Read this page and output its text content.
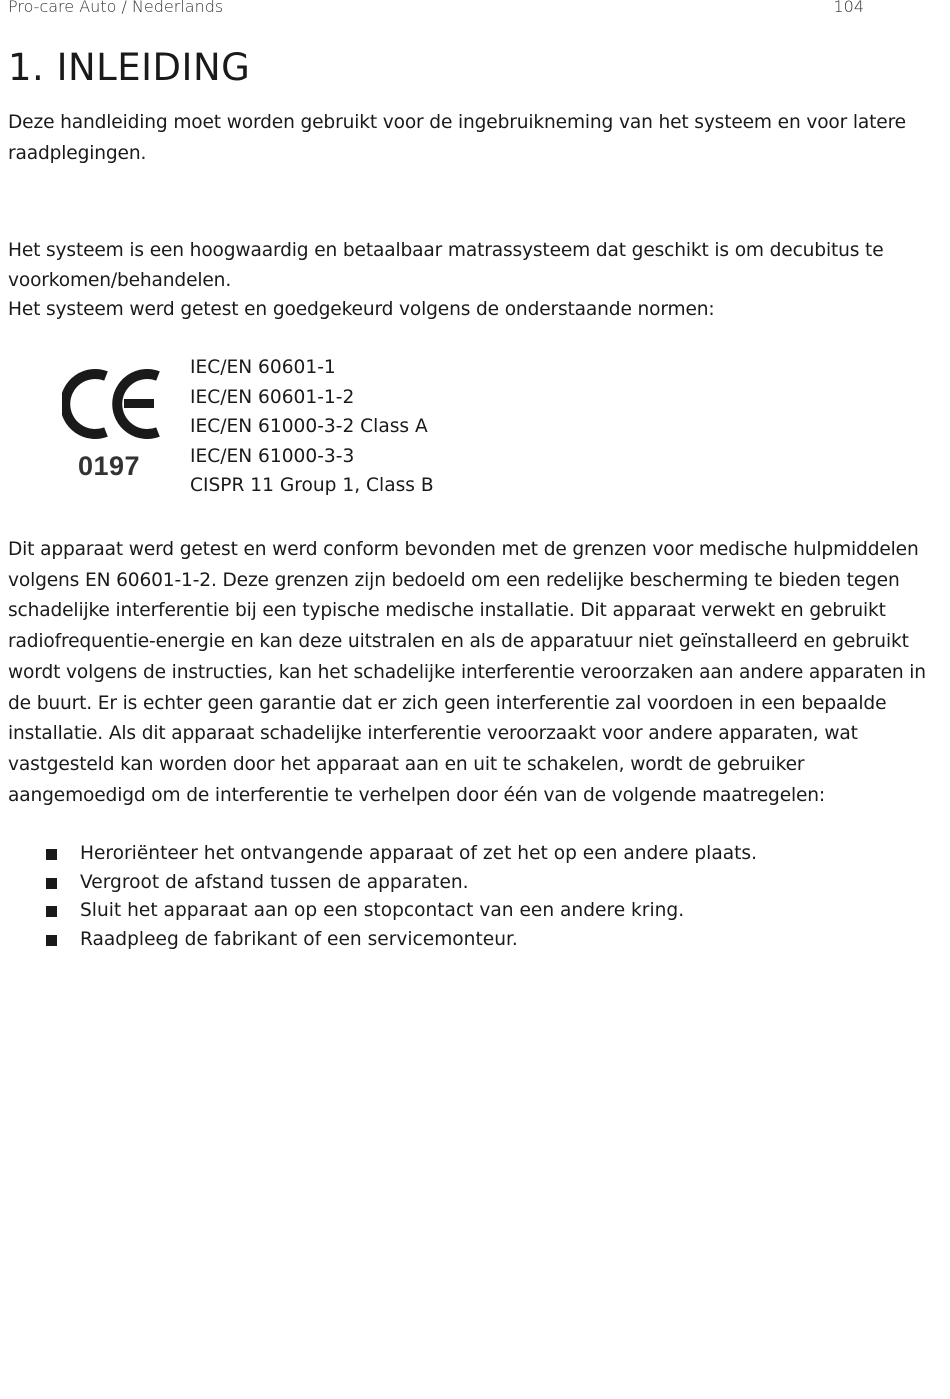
Pro-care Auto / Nederlands	104
1. INLEIDING

Deze handleiding moet worden gebruikt voor de ingebruikneming van het systeem en voor latere raadplegingen.

Het systeem is een hoogwaardig en betaalbaar matrassysteem dat geschikt is om decubitus te voorkomen/behandelen.
Het systeem werd getest en goedgekeurd volgens de onderstaande normen:

0197
IEC/EN 60601-1
IEC/EN 60601-1-2
IEC/EN 61000-3-2 Class A
IEC/EN 61000-3-3
CISPR 11 Group 1, Class B

Dit apparaat werd getest en werd conform bevonden met de grenzen voor medische hulpmiddelen volgens EN 60601-1-2. Deze grenzen zijn bedoeld om een redelijke bescherming te bieden tegen schadelijke interferentie bij een typische medische installatie. Dit apparaat verwekt en gebruikt radiofrequentie-energie en kan deze uitstralen en als de apparatuur niet geïnstalleerd en gebruikt wordt volgens de instructies, kan het schadelijke interferentie veroorzaken aan andere apparaten in de buurt. Er is echter geen garantie dat er zich geen interferentie zal voordoen in een bepaalde installatie. Als dit apparaat schadelijke interferentie veroorzaakt voor andere apparaten, wat vastgesteld kan worden door het apparaat aan en uit te schakelen, wordt de gebruiker aangemoedigd om de interferentie te verhelpen door één van de volgende maatregelen:

Heroriënteer het ontvangende apparaat of zet het op een andere plaats.
Vergroot de afstand tussen de apparaten.
Sluit het apparaat aan op een stopcontact van een andere kring.
Raadpleeg de fabrikant of een servicemonteur.
